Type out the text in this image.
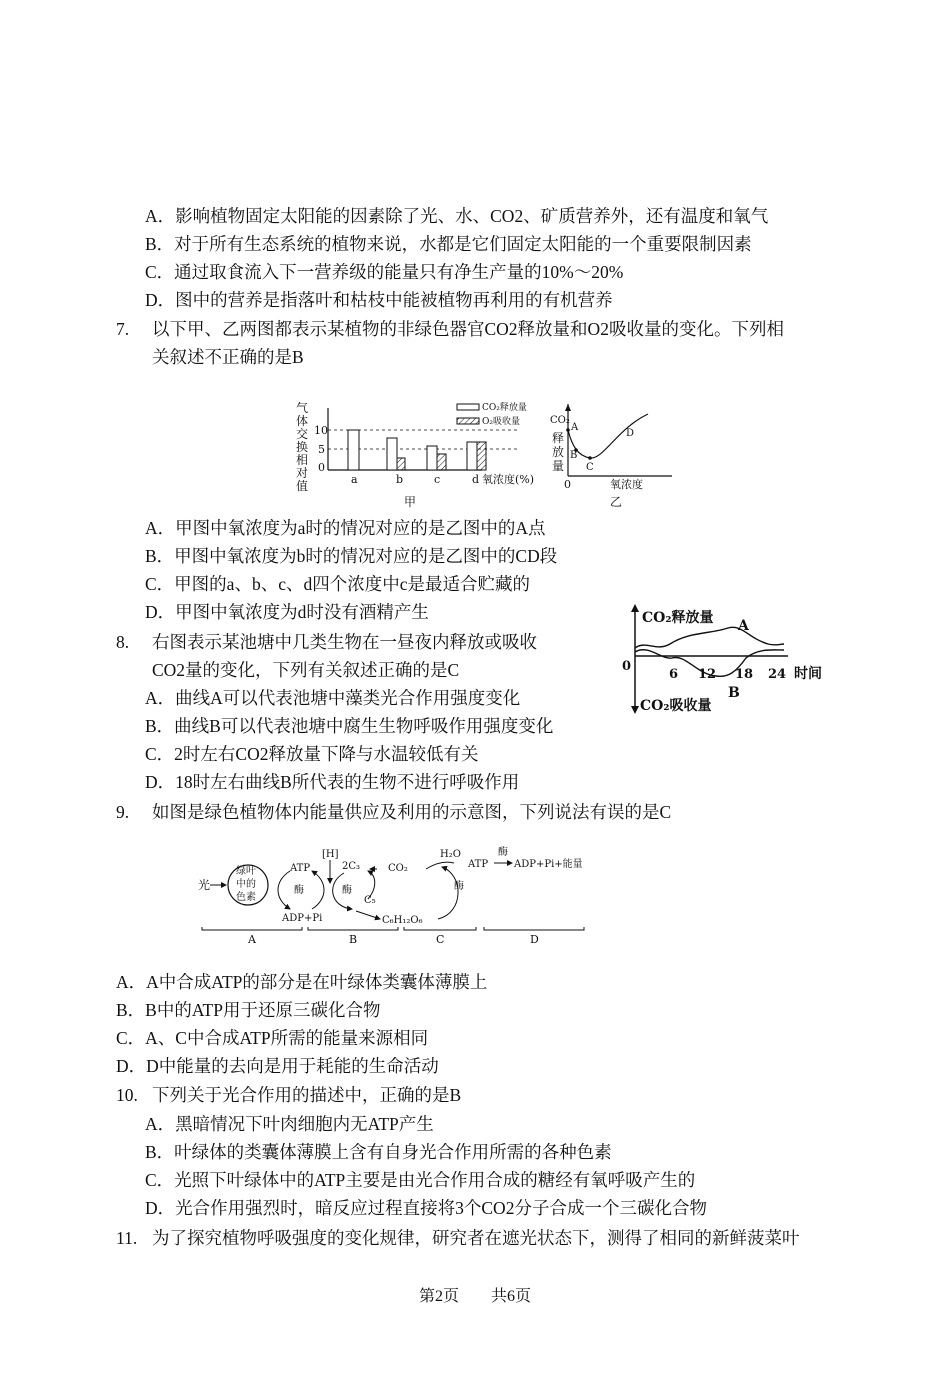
A．影响植物固定太阳能的因素除了光、水、CO2、矿质营养外，还有温度和氧气
B．对于所有生态系统的植物来说，水都是它们固定太阳能的一个重要限制因素
C．通过取食流入下一营养级的能量只有净生产量的10%～20%
D．图中的营养是指落叶和枯枝中能被植物再利用的有机营养
7. 以下甲、乙两图都表示某植物的非绿色器官CO2释放量和O2吸收量的变化。下列相
关叙述不正确的是B
气
体
交
换
相
对
值
10
5
0
a	b	c	d 氧浓度(%)
CO₂释放量
O₂吸收量
甲
CO₂
释
放
量
A
B
C
D
0	氧浓度
乙
A．甲图中氧浓度为a时的情况对应的是乙图中的A点
B．甲图中氧浓度为b时的情况对应的是乙图中的CD段
C．甲图的a、b、c、d四个浓度中c是最适合贮藏的
D．甲图中氧浓度为d时没有酒精产生
8. 右图表示某池塘中几类生物在一昼夜内释放或吸收
CO2量的变化，下列有关叙述正确的是C
A．曲线A可以代表池塘中藻类光合作用强度变化
B．曲线B可以代表池塘中腐生生物呼吸作用强度变化
C．2时左右CO2释放量下降与水温较低有关
D．18时左右曲线B所代表的生物不进行呼吸作用
CO₂释放量
CO₂吸收量
0
6 12 18 24 时间
A
B
9. 如图是绿色植物体内能量供应及利用的示意图，下列说法有误的是C
光
绿叶
中的
色素
ATP
酶
ADP+Pi
[H]
2C₃
酶
C₅
CO₂
C₆H₁₂O₆
H₂O
酶
ATP
酶
ADP+Pi+能量
A	B	C	D
A．A中合成ATP的部分是在叶绿体类囊体薄膜上
B．B中的ATP用于还原三碳化合物
C．A、C中合成ATP所需的能量来源相同
D．D中能量的去向是用于耗能的生命活动
10. 下列关于光合作用的描述中，正确的是B
A．黑暗情况下叶肉细胞内无ATP产生
B．叶绿体的类囊体薄膜上含有自身光合作用所需的各种色素
C．光照下叶绿体中的ATP主要是由光合作用合成的糖经有氧呼吸产生的
D．光合作用强烈时，暗反应过程直接将3个CO2分子合成一个三碳化合物
11. 为了探究植物呼吸强度的变化规律，研究者在遮光状态下，测得了相同的新鲜菠菜叶
第2页 共6页
